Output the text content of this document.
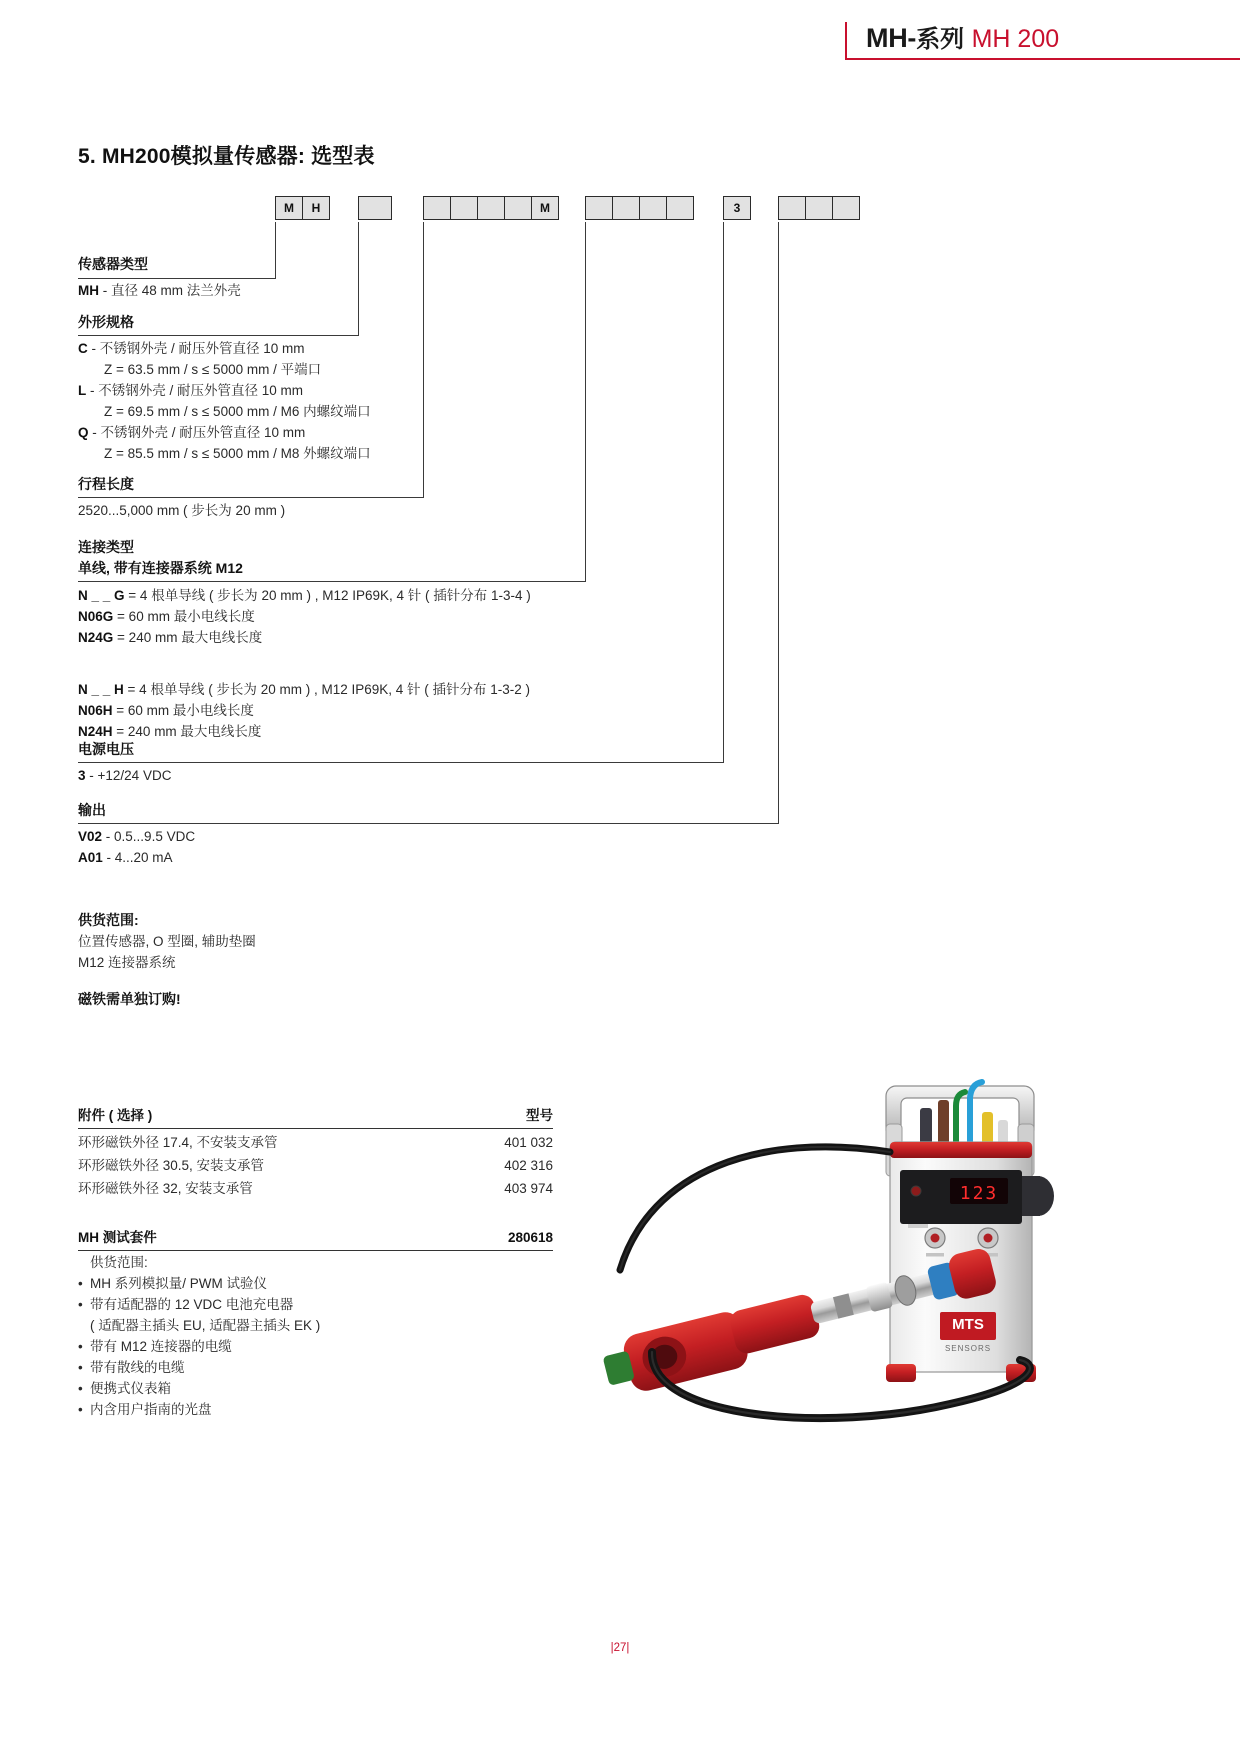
MH-系列 MH 200
5. MH200模拟量传感器: 选型表
M	H	M	3
传感器类型
MH - 直径 48 mm 法兰外壳
外形规格
C - 不锈钢外壳 / 耐压外管直径 10 mm
Z = 63.5 mm / s ≤ 5000 mm / 平端口
L - 不锈钢外壳 / 耐压外管直径 10 mm
Z = 69.5 mm / s ≤ 5000 mm / M6 内螺纹端口
Q - 不锈钢外壳 / 耐压外管直径 10 mm
Z = 85.5 mm / s ≤ 5000 mm / M8 外螺纹端口
行程长度
2520...5,000 mm ( 步长为 20 mm )
连接类型
单线, 带有连接器系统 M12
N _ _ G = 4 根单导线 ( 步长为 20 mm ) , M12 IP69K, 4 针 ( 插针分布 1-3-4 )
N06G = 60 mm 最小电线长度
N24G = 240 mm 最大电线长度

N _ _ H = 4 根单导线 ( 步长为 20 mm ) , M12 IP69K, 4 针 ( 插针分布 1-3-2 )
N06H = 60 mm 最小电线长度
N24H = 240 mm 最大电线长度
电源电压
3 - +12/24 VDC
输出
V02 - 0.5...9.5 VDC
A01 - 4...20 mA
供货范围:
位置传感器, O 型圈, 辅助垫圈
M12 连接器系统
磁铁需单独订购!
附件 ( 选择 )	型号
环形磁铁外径 17.4, 不安装支承管	401 032
环形磁铁外径 30.5, 安装支承管	402 316
环形磁铁外径 32, 安装支承管	403 974
MH 测试套件	280618
供货范围:
• MH 系列模拟量/ PWM 试验仪
• 带有适配器的 12 VDC 电池充电器
( 适配器主插头 EU, 适配器主插头 EK )
• 带有 M12 连接器的电缆
• 带有散线的电缆
• 便携式仪表箱
• 内含用户指南的光盘
123
MTS
SENSORS
|27|
